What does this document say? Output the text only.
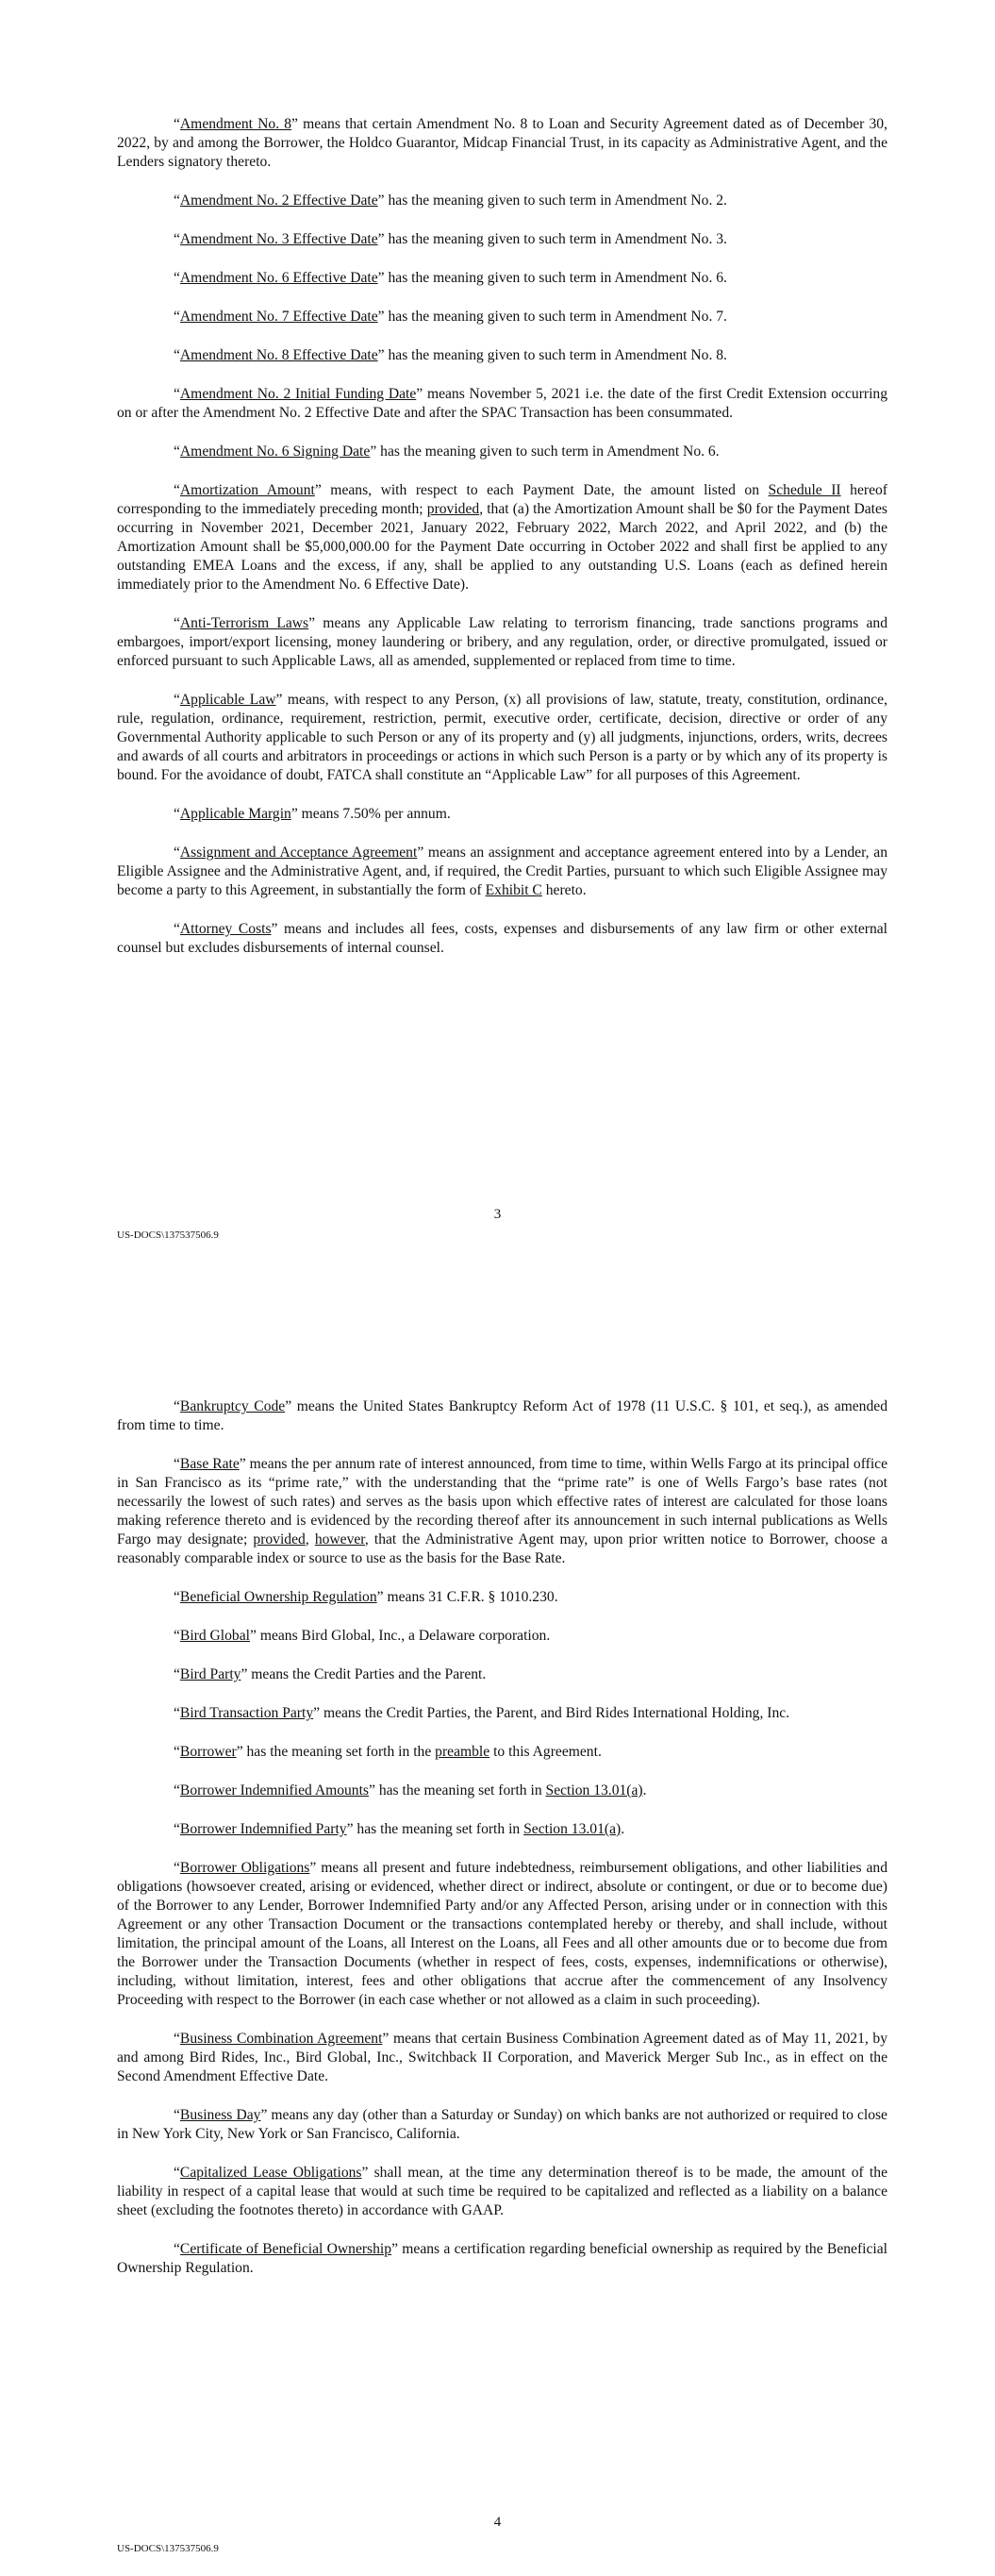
“Amendment No. 8” means that certain Amendment No. 8 to Loan and Security Agreement dated as of December 30, 2022, by and among the Borrower, the Holdco Guarantor, Midcap Financial Trust, in its capacity as Administrative Agent, and the Lenders signatory thereto.

“Amendment No. 2 Effective Date” has the meaning given to such term in Amendment No. 2.

“Amendment No. 3 Effective Date” has the meaning given to such term in Amendment No. 3.

“Amendment No. 6 Effective Date” has the meaning given to such term in Amendment No. 6.

“Amendment No. 7 Effective Date” has the meaning given to such term in Amendment No. 7.

“Amendment No. 8 Effective Date” has the meaning given to such term in Amendment No. 8.

“Amendment No. 2 Initial Funding Date” means November 5, 2021 i.e. the date of the first Credit Extension occurring on or after the Amendment No. 2 Effective Date and after the SPAC Transaction has been consummated.

“Amendment No. 6 Signing Date” has the meaning given to such term in Amendment No. 6.

“Amortization Amount” means, with respect to each Payment Date, the amount listed on Schedule II hereof corresponding to the immediately preceding month; provided, that (a) the Amortization Amount shall be $0 for the Payment Dates occurring in November 2021, December 2021, January 2022, February 2022, March 2022, and April 2022, and (b) the Amortization Amount shall be $5,000,000.00 for the Payment Date occurring in October 2022 and shall first be applied to any outstanding EMEA Loans and the excess, if any, shall be applied to any outstanding U.S. Loans (each as defined herein immediately prior to the Amendment No. 6 Effective Date).

“Anti-Terrorism Laws” means any Applicable Law relating to terrorism financing, trade sanctions programs and embargoes, import/export licensing, money laundering or bribery, and any regulation, order, or directive promulgated, issued or enforced pursuant to such Applicable Laws, all as amended, supplemented or replaced from time to time.

“Applicable Law” means, with respect to any Person, (x) all provisions of law, statute, treaty, constitution, ordinance, rule, regulation, ordinance, requirement, restriction, permit, executive order, certificate, decision, directive or order of any Governmental Authority applicable to such Person or any of its property and (y) all judgments, injunctions, orders, writs, decrees and awards of all courts and arbitrators in proceedings or actions in which such Person is a party or by which any of its property is bound. For the avoidance of doubt, FATCA shall constitute an “Applicable Law” for all purposes of this Agreement.

“Applicable Margin” means 7.50% per annum.

“Assignment and Acceptance Agreement” means an assignment and acceptance agreement entered into by a Lender, an Eligible Assignee and the Administrative Agent, and, if required, the Credit Parties, pursuant to which such Eligible Assignee may become a party to this Agreement, in substantially the form of Exhibit C hereto.

“Attorney Costs” means and includes all fees, costs, expenses and disbursements of any law firm or other external counsel but excludes disbursements of internal counsel.

3
US-DOCS\137537506.9

“Bankruptcy Code” means the United States Bankruptcy Reform Act of 1978 (11 U.S.C. § 101, et seq.), as amended from time to time.

“Base Rate” means the per annum rate of interest announced, from time to time, within Wells Fargo at its principal office in San Francisco as its “prime rate,” with the understanding that the “prime rate” is one of Wells Fargo’s base rates (not necessarily the lowest of such rates) and serves as the basis upon which effective rates of interest are calculated for those loans making reference thereto and is evidenced by the recording thereof after its announcement in such internal publications as Wells Fargo may designate; provided, however, that the Administrative Agent may, upon prior written notice to Borrower, choose a reasonably comparable index or source to use as the basis for the Base Rate.

“Beneficial Ownership Regulation” means 31 C.F.R. § 1010.230.

“Bird Global” means Bird Global, Inc., a Delaware corporation.

“Bird Party” means the Credit Parties and the Parent.

“Bird Transaction Party” means the Credit Parties, the Parent, and Bird Rides International Holding, Inc.

“Borrower” has the meaning set forth in the preamble to this Agreement.

“Borrower Indemnified Amounts” has the meaning set forth in Section 13.01(a).

“Borrower Indemnified Party” has the meaning set forth in Section 13.01(a).

“Borrower Obligations” means all present and future indebtedness, reimbursement obligations, and other liabilities and obligations (howsoever created, arising or evidenced, whether direct or indirect, absolute or contingent, or due or to become due) of the Borrower to any Lender, Borrower Indemnified Party and/or any Affected Person, arising under or in connection with this Agreement or any other Transaction Document or the transactions contemplated hereby or thereby, and shall include, without limitation, the principal amount of the Loans, all Interest on the Loans, all Fees and all other amounts due or to become due from the Borrower under the Transaction Documents (whether in respect of fees, costs, expenses, indemnifications or otherwise), including, without limitation, interest, fees and other obligations that accrue after the commencement of any Insolvency Proceeding with respect to the Borrower (in each case whether or not allowed as a claim in such proceeding).

“Business Combination Agreement” means that certain Business Combination Agreement dated as of May 11, 2021, by and among Bird Rides, Inc., Bird Global, Inc., Switchback II Corporation, and Maverick Merger Sub Inc., as in effect on the Second Amendment Effective Date.

“Business Day” means any day (other than a Saturday or Sunday) on which banks are not authorized or required to close in New York City, New York or San Francisco, California.

“Capitalized Lease Obligations” shall mean, at the time any determination thereof is to be made, the amount of the liability in respect of a capital lease that would at such time be required to be capitalized and reflected as a liability on a balance sheet (excluding the footnotes thereto) in accordance with GAAP.

“Certificate of Beneficial Ownership” means a certification regarding beneficial ownership as required by the Beneficial Ownership Regulation.

4
US-DOCS\137537506.9
